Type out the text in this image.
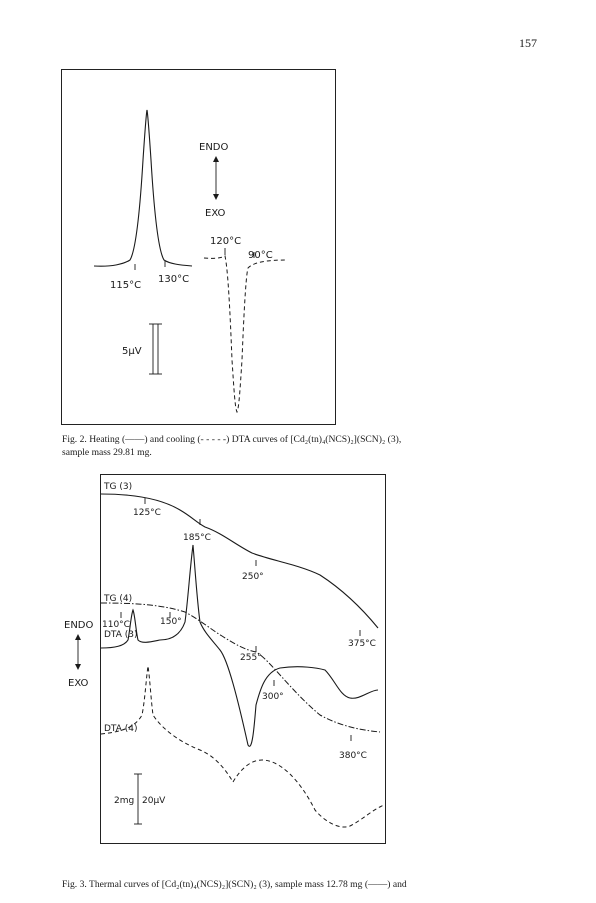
157
115°C
130°C
ENDO
EXO
120°C
90°C
5μV
Fig. 2. Heating (——) and cooling (- - - - -) DTA curves of [Cd₂(tn)₄(NCS)₂](SCN)₂ (3),
sample mass 29.81 mg.
TG (3)
125°C
185°C
250°
375°C
DTA (3)
110°C	150°
300°
TG (4)
255°
380°C
DTA (4)
ENDO
EXO
2mg 20μV
Fig. 3. Thermal curves of [Cd₂(tn)₄(NCS)₂](SCN)₂ (3), sample mass 12.78 mg (——) and
